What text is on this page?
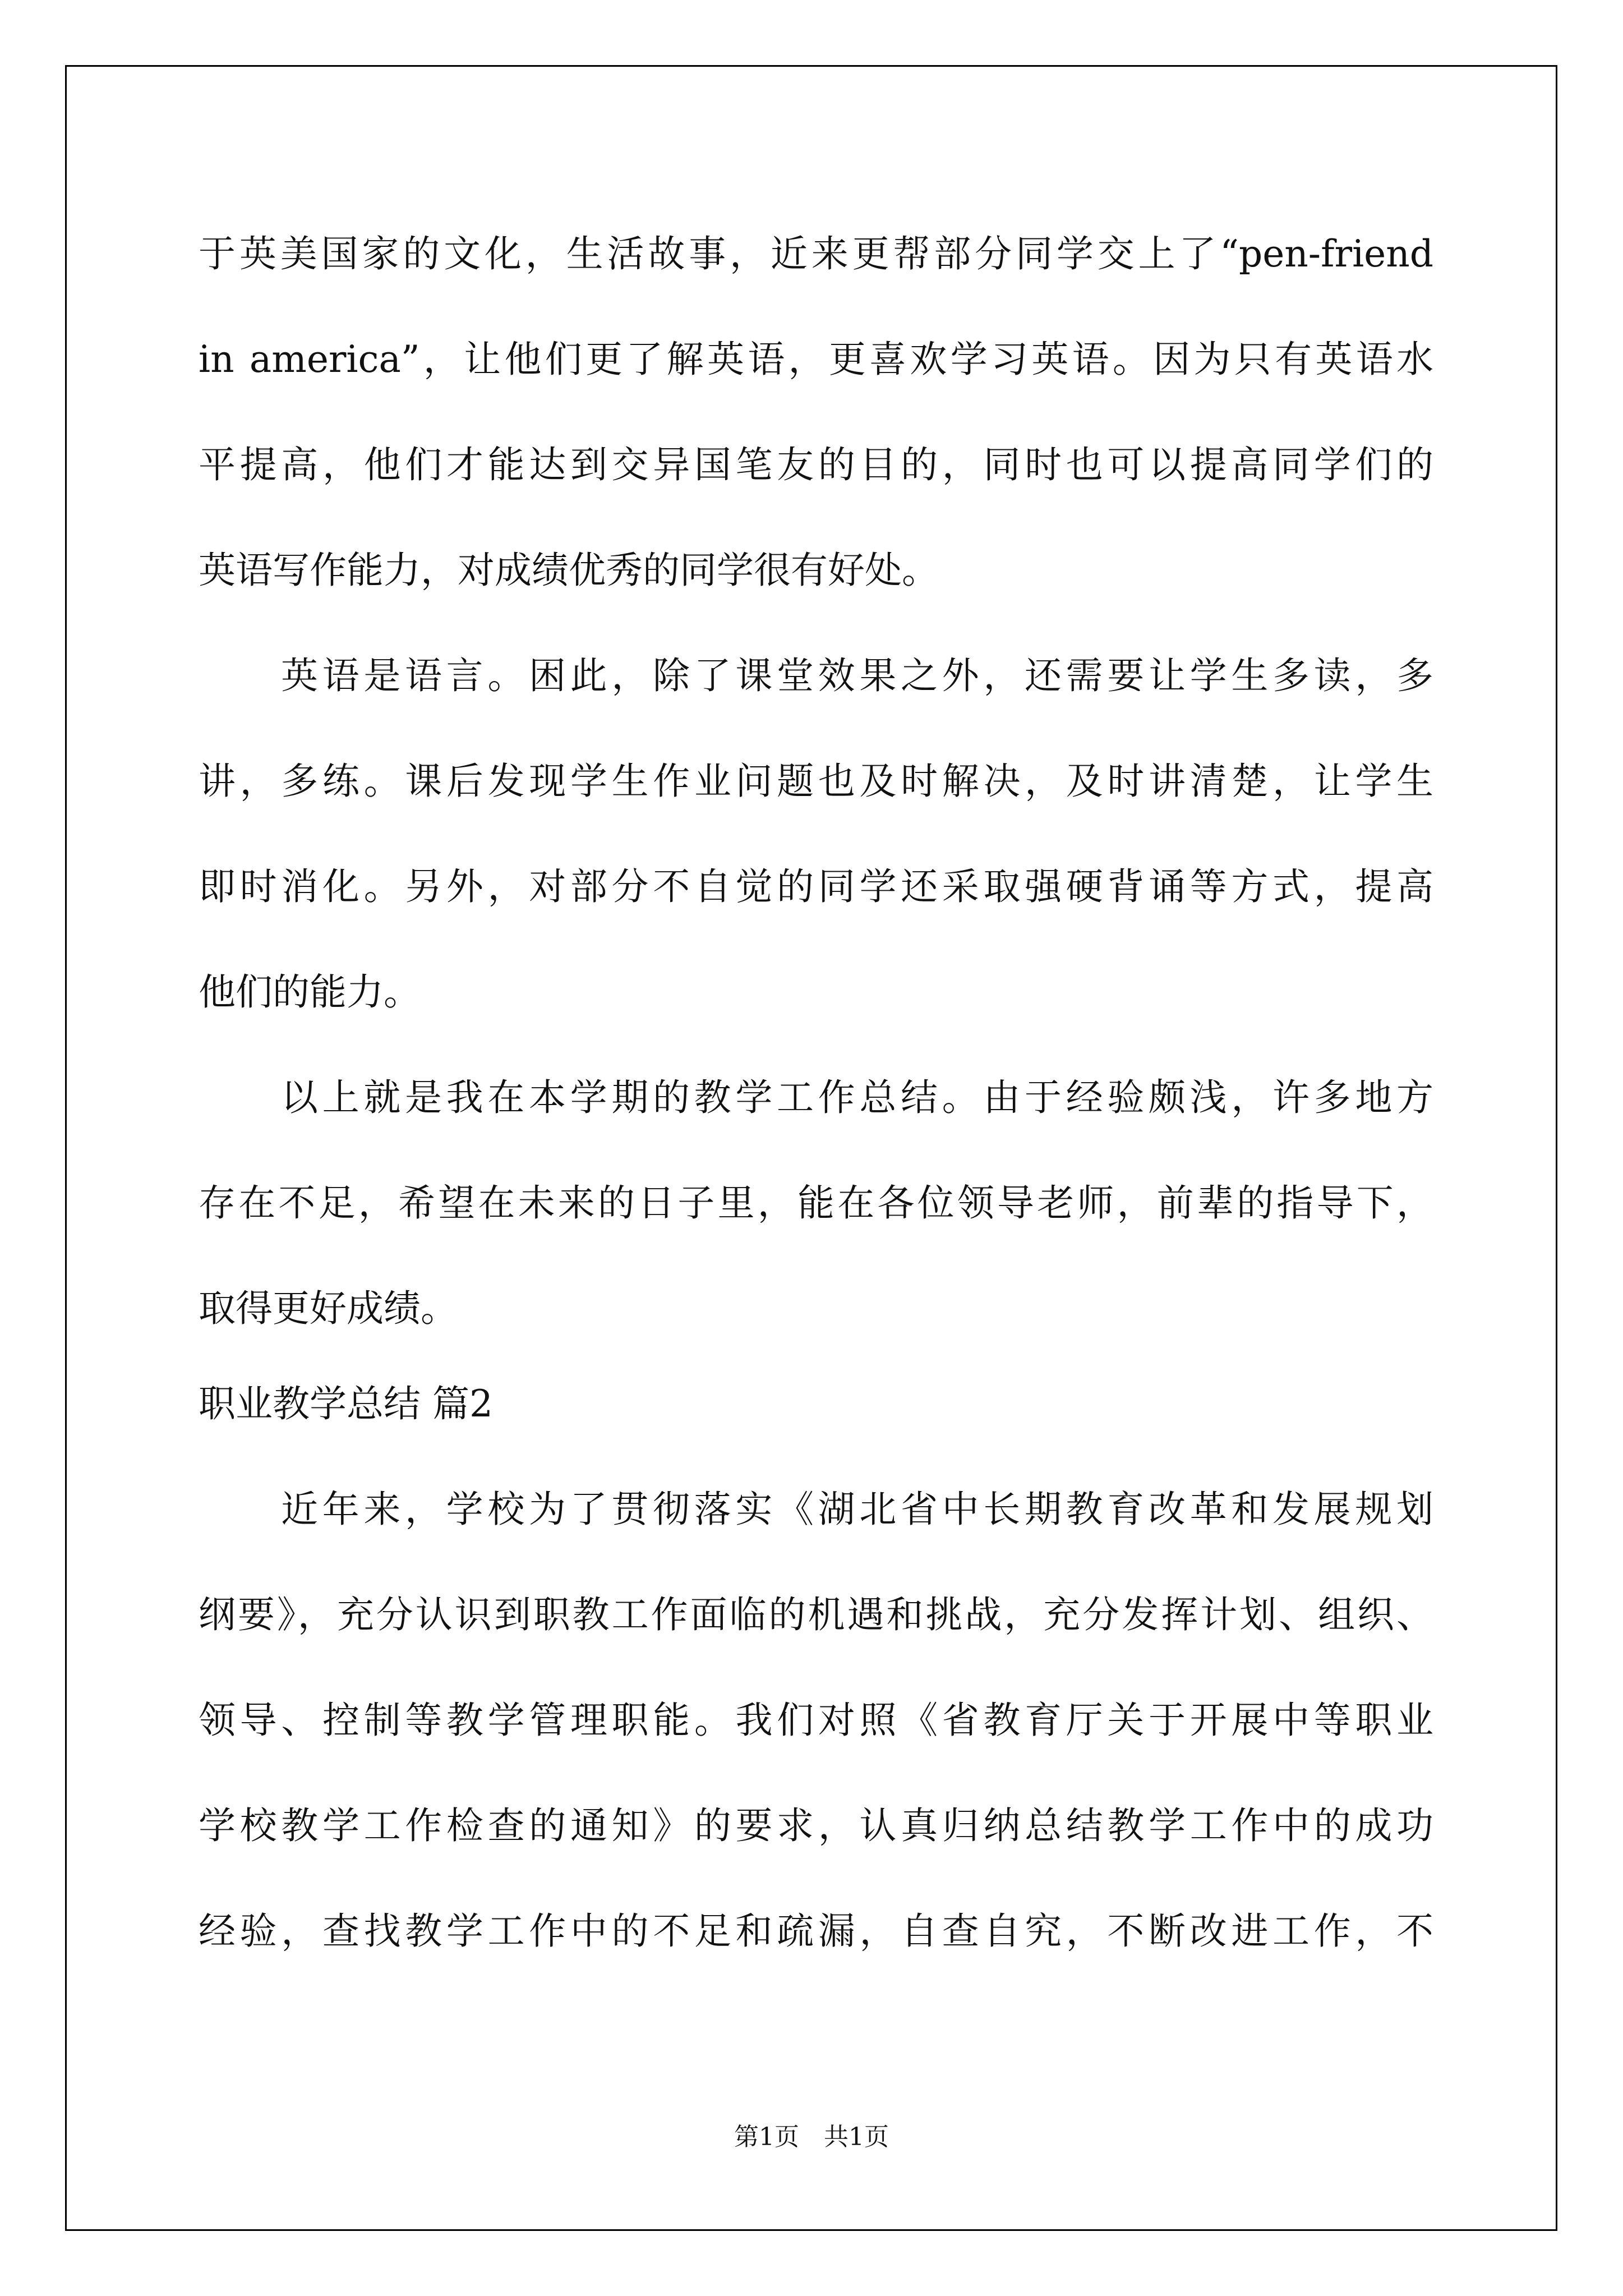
于英美国家的文化，生活故事，近来更帮部分同学交上了“pen-friend

in america”，让他们更了解英语，更喜欢学习英语。因为只有英语水

平提高，他们才能达到交异国笔友的目的，同时也可以提高同学们的

英语写作能力，对成绩优秀的同学很有好处。

英语是语言。困此，除了课堂效果之外，还需要让学生多读，多

讲，多练。课后发现学生作业问题也及时解决，及时讲清楚，让学生

即时消化。另外，对部分不自觉的同学还采取强硬背诵等方式，提高

他们的能力。

以上就是我在本学期的教学工作总结。由于经验颇浅，许多地方

存在不足，希望在未来的日子里，能在各位领导老师，前辈的指导下，

取得更好成绩。

职业教学总结 篇2

近年来，学校为了贯彻落实《湖北省中长期教育改革和发展规划

纲要》，充分认识到职教工作面临的机遇和挑战，充分发挥计划、组织、

领导、控制等教学管理职能。我们对照《省教育厅关于开展中等职业

学校教学工作检查的通知》的要求，认真归纳总结教学工作中的成功

经验，查找教学工作中的不足和疏漏，自查自究，不断改进工作，不

第1页　共1页
